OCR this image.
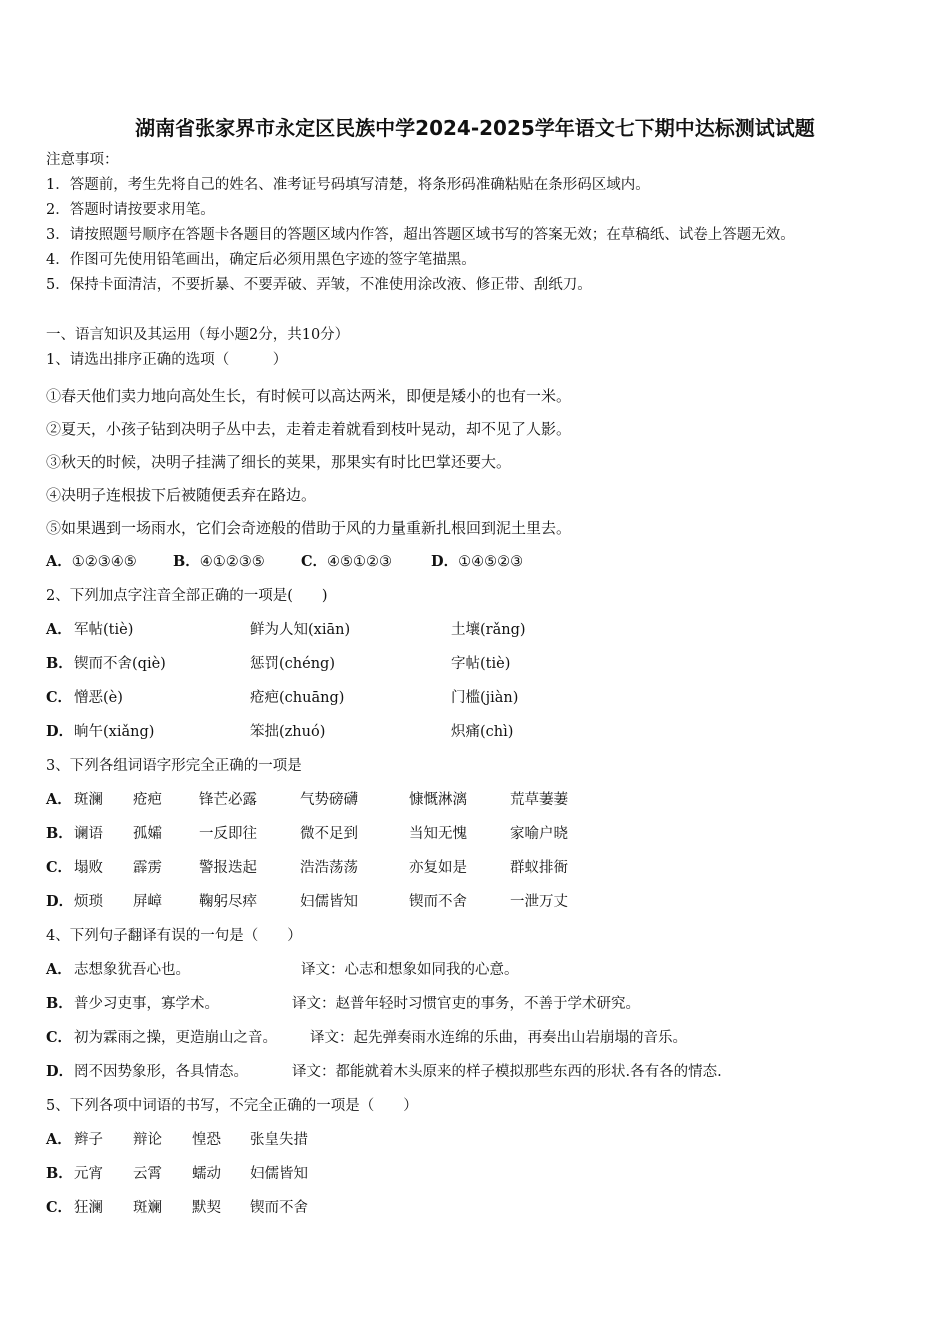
湖南省张家界市永定区民族中学2024-2025学年语文七下期中达标测试试题
注意事项：
1．答题前，考生先将自己的姓名、准考证号码填写清楚，将条形码准确粘贴在条形码区域内。
2．答题时请按要求用笔。
3．请按照题号顺序在答题卡各题目的答题区域内作答，超出答题区域书写的答案无效；在草稿纸、试卷上答题无效。
4．作图可先使用铅笔画出，确定后必须用黑色字迹的签字笔描黑。
5．保持卡面清洁，不要折暴、不要弄破、弄皱，不准使用涂改液、修正带、刮纸刀。
一、语言知识及其运用（每小题2分，共10分）
1、请选出排序正确的选项（　　　）
①春天他们卖力地向高处生长，有时候可以高达两米，即便是矮小的也有一米。
②夏天，小孩子钻到决明子丛中去，走着走着就看到枝叶晃动，却不见了人影。
③秋天的时候，决明子挂满了细长的荚果，那果实有时比巴掌还要大。
④决明子连根拔下后被随便丢弃在路边。
⑤如果遇到一场雨水，它们会奇迹般的借助于风的力量重新扎根回到泥土里去。
A．①②③④⑤ B．④①②③⑤ C．④⑤①②③	D．①④⑤②③
2、下列加点字注音全部正确的一项是(　　)
A． 军帖(tiè)	鲜为人知(xiān)	土壤(rǎng)
B． 锲而不舍(qiè)	惩罚(chéng)	字帖(tiè)
C． 憎恶(è)	疮疤(chuāng)	门槛(jiàn)
D． 晌午(xiǎng)	笨拙(zhuó)	炽痛(chì)
3、下列各组词语字形完全正确的一项是
A． 斑澜 疮疤	锋芒必露	气势磅礴	慷慨淋漓	荒草萋萋
B． 谰语 孤孀	一反即往	微不足到	当知无愧	家喻户晓
C． 塌败 霹雳	警报迭起	浩浩荡荡	亦复如是	群蚁排衙
D． 烦琐 屏嶂	鞠躬尽瘁	妇儒皆知	锲而不舍	一泄万丈
4、下列句子翻译有误的一句是（　　）
A． 志想象犹吾心也。	译文：心志和想象如同我的心意。
B． 普少习吏事，寡学术。	译文：赵普年轻时习惯官吏的事务，不善于学术研究。
C． 初为霖雨之操，更造崩山之音。 译文：起先弹奏雨水连绵的乐曲，再奏出山岩崩塌的音乐。
D． 罔不因势象形，各具情态。	译文：都能就着木头原来的样子模拟那些东西的形状.各有各的情态.
5、下列各项中词语的书写，不完全正确的一项是（　　）
A． 辫子 辩论 惶恐 张皇失措
B． 元宵 云霄 蠕动 妇儒皆知
C． 狂澜 斑斓 默契 锲而不舍
